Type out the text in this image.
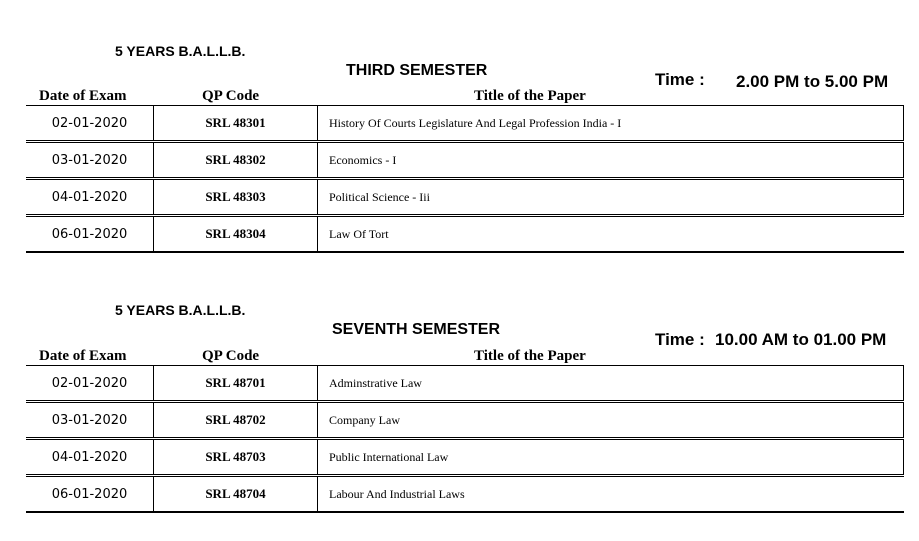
5 YEARS B.A.L.L.B.
THIRD SEMESTER	Time : 2.00 PM to 5.00 PM
Date of Exam	QP Code	Title of the Paper
02-01-2020	SRL 48301	History Of Courts Legislature And Legal Profession India - I
03-01-2020	SRL 48302	Economics - I
04-01-2020	SRL 48303	Political Science - Iii
06-01-2020	SRL 48304	Law Of Tort
5 YEARS B.A.L.L.B.
SEVENTH SEMESTER
Time : 10.00 AM to 01.00 PM
Date of Exam	QP Code	Title of the Paper
02-01-2020	SRL 48701	Adminstrative Law
03-01-2020	SRL 48702	Company Law
04-01-2020	SRL 48703	Public International Law
06-01-2020	SRL 48704	Labour And Industrial Laws
